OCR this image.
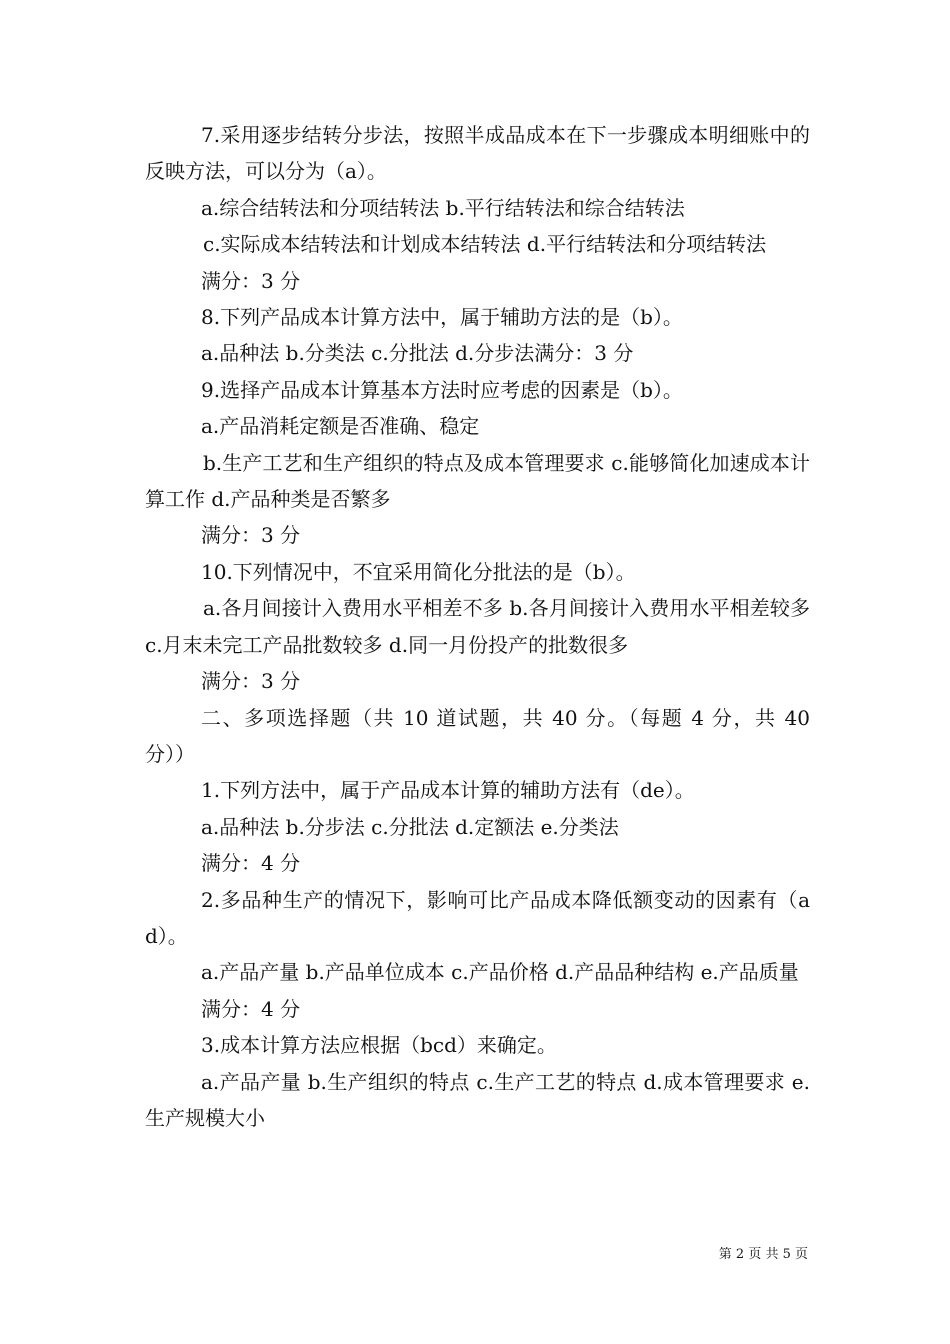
7.采用逐步结转分步法，按照半成品成本在下一步骤成本明细账中的反映方法，可以分为（a）。

a.综合结转法和分项结转法 b.平行结转法和综合结转法

c.实际成本结转法和计划成本结转法 d.平行结转法和分项结转法

满分：3 分

8.下列产品成本计算方法中，属于辅助方法的是（b）。

a.品种法 b.分类法 c.分批法 d.分步法满分：3 分

9.选择产品成本计算基本方法时应考虑的因素是（b）。

a.产品消耗定额是否准确、稳定

b.生产工艺和生产组织的特点及成本管理要求 c.能够简化加速成本计算工作 d.产品种类是否繁多

满分：3 分

10.下列情况中，不宜采用简化分批法的是（b）。

a.各月间接计入费用水平相差不多 b.各月间接计入费用水平相差较多 c.月末未完工产品批数较多 d.同一月份投产的批数很多

满分：3 分

二、多项选择题（共 10 道试题，共 40 分。（每题 4 分，共 40 分））

1.下列方法中，属于产品成本计算的辅助方法有（de）。

a.品种法 b.分步法 c.分批法 d.定额法 e.分类法

满分：4 分

2.多品种生产的情况下，影响可比产品成本降低额变动的因素有（ad）。

a.产品产量 b.产品单位成本 c.产品价格 d.产品品种结构 e.产品质量

满分：4 分

3.成本计算方法应根据（bcd）来确定。

a.产品产量 b.生产组织的特点 c.生产工艺的特点 d.成本管理要求 e.生产规模大小

第 2 页 共 5 页
